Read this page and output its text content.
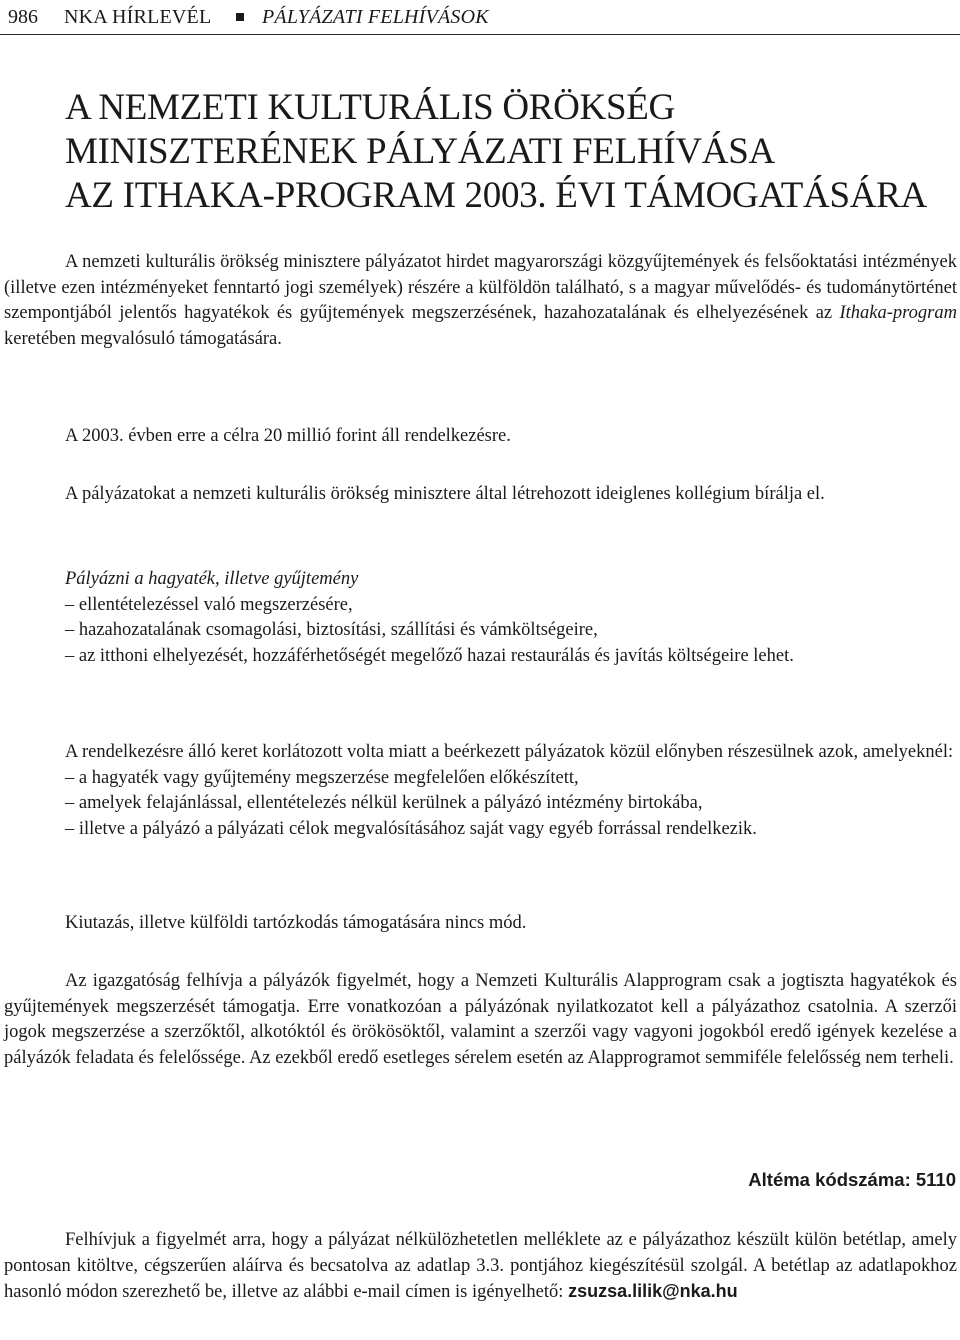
986 NKA HÍRLEVÉL	PÁLYÁZATI FELHÍVÁSOK
A NEMZETI KULTURÁLIS ÖRÖKSÉG
MINISZTERÉNEK PÁLYÁZATI FELHÍVÁSA
AZ ITHAKA-PROGRAM 2003. ÉVI TÁMOGATÁSÁRA

A nemzeti kulturális örökség minisztere pályázatot hirdet magyarországi közgyűjtemények és felsőoktatási intézmények (illetve ezen intézményeket fenntartó jogi személyek) részére a külföldön található, s a magyar művelődés- és tudománytörténet szempontjából jelentős hagyatékok és gyűjtemények megszerzésének, hazahozatalának és elhelyezésének az Ithaka-program keretében megvalósuló támogatására.

A 2003. évben erre a célra 20 millió forint áll rendelkezésre.

A pályázatokat a nemzeti kulturális örökség minisztere által létrehozott ideiglenes kollégium bírálja el.

Pályázni a hagyaték, illetve gyűjtemény
– ellentételezéssel való megszerzésére,
– hazahozatalának csomagolási, biztosítási, szállítási és vámköltségeire,
– az itthoni elhelyezését, hozzáférhetőségét megelőző hazai restaurálás és javítás költségeire lehet.
A rendelkezésre álló keret korlátozott volta miatt a beérkezett pályázatok közül előnyben részesülnek azok, amelyeknél:
– a hagyaték vagy gyűjtemény megszerzése megfelelően előkészített,
– amelyek felajánlással, ellentételezés nélkül kerülnek a pályázó intézmény birtokába,
– illetve a pályázó a pályázati célok megvalósításához saját vagy egyéb forrással rendelkezik.

Kiutazás, illetve külföldi tartózkodás támogatására nincs mód.

Az igazgatóság felhívja a pályázók figyelmét, hogy a Nemzeti Kulturális Alapprogram csak a jogtiszta hagyatékok és gyűjtemények megszerzését támogatja. Erre vonatkozóan a pályázónak nyilatkozatot kell a pályázathoz csatolnia. A szerzői jogok megszerzése a szerzőktől, alkotóktól és örökösöktől, valamint a szerzői vagy vagyoni jogokból eredő igények kezelése a pályázók feladata és felelőssége. Az ezekből eredő esetleges sérelem esetén az Alapprogramot semmiféle felelősség nem terheli.

Altéma kódszáma: 5110

Felhívjuk a figyelmét arra, hogy a pályázat nélkülözhetetlen melléklete az e pályázathoz készült külön betétlap, amely pontosan kitöltve, cégszerűen aláírva és becsatolva az adatlap 3.3. pontjához kiegészítésül szolgál. A betétlap az adatlapokhoz hasonló módon szerezhető be, illetve az alábbi e-mail címen is igényelhető: zsuzsa.lilik@nka.hu
